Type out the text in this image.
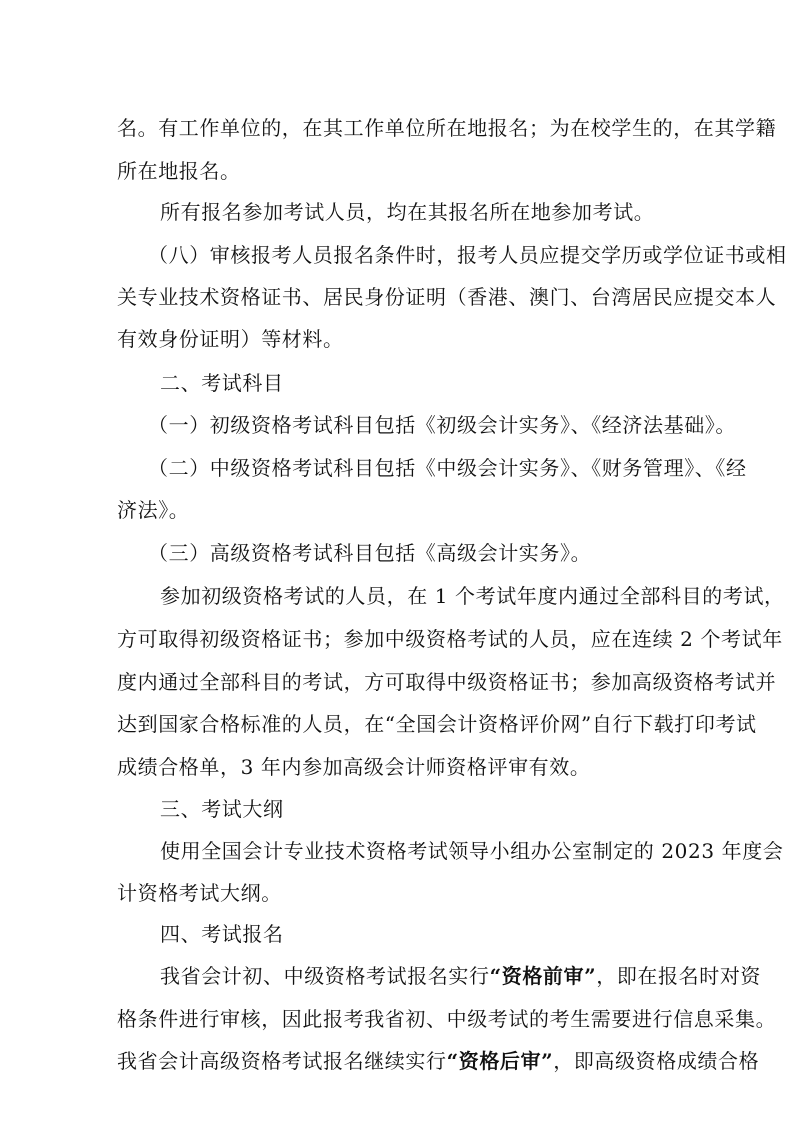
名。有工作单位的，在其工作单位所在地报名；为在校学生的，在其学籍
所在地报名。
所有报名参加考试人员，均在其报名所在地参加考试。
（八）审核报考人员报名条件时，报考人员应提交学历或学位证书或相
关专业技术资格证书、居民身份证明（香港、澳门、台湾居民应提交本人
有效身份证明）等材料。
二、考试科目
（一）初级资格考试科目包括《初级会计实务》、《经济法基础》。
（二）中级资格考试科目包括《中级会计实务》、《财务管理》、《经
济法》。
（三）高级资格考试科目包括《高级会计实务》。
参加初级资格考试的人员，在 1 个考试年度内通过全部科目的考试，
方可取得初级资格证书；参加中级资格考试的人员，应在连续 2 个考试年
度内通过全部科目的考试，方可取得中级资格证书；参加高级资格考试并
达到国家合格标准的人员，在“全国会计资格评价网”自行下载打印考试
成绩合格单，3 年内参加高级会计师资格评审有效。
三、考试大纲
使用全国会计专业技术资格考试领导小组办公室制定的 2023 年度会
计资格考试大纲。
四、考试报名
我省会计初、中级资格考试报名实行“资格前审”，即在报名时对资
格条件进行审核，因此报考我省初、中级考试的考生需要进行信息采集。
我省会计高级资格考试报名继续实行“资格后审”，即高级资格成绩合格
